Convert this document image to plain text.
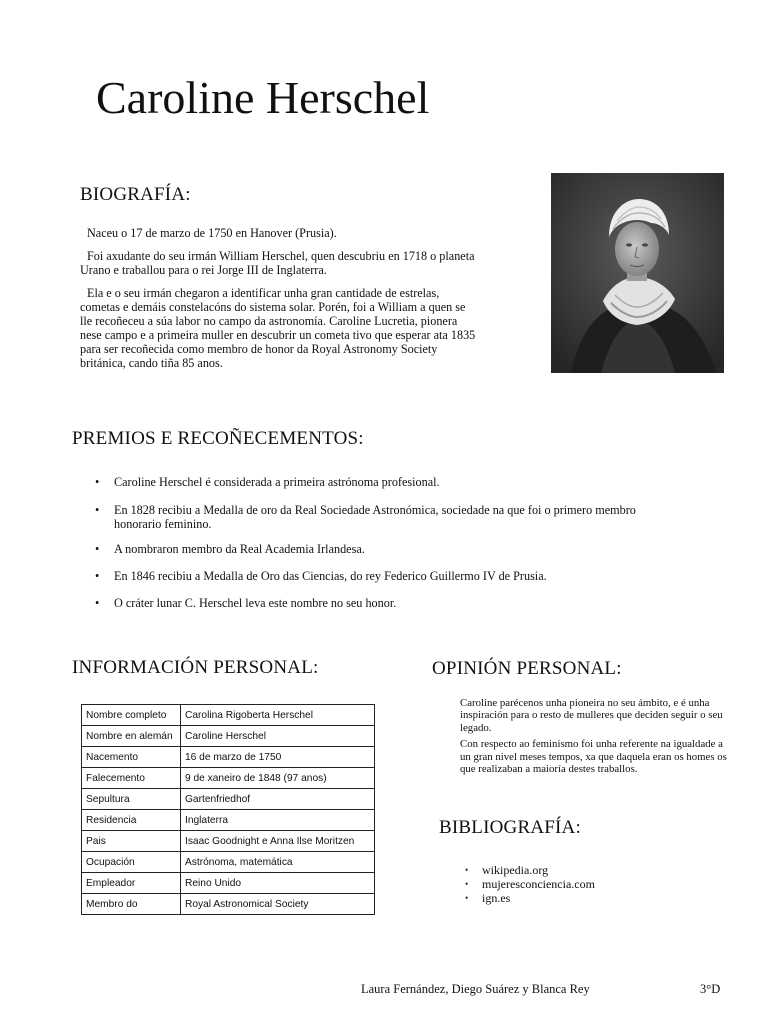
Caroline Herschel
BIOGRAFÍA:

Naceu o 17 de marzo de 1750 en Hanover (Prusia).

Foi axudante do seu irmán William Herschel, quen descubriu en 1718 o planeta Urano e traballou para o rei Jorge III de Inglaterra.

Ela e o seu irmán chegaron a identificar unha gran cantidade de estrelas, cometas e demáis constelacóns do sistema solar. Porén, foi a William a quen se lle recoñeceu a súa labor no campo da astronomía. Caroline Lucretia, pionera nese campo e a primeira muller en descubrir un cometa tivo que esperar ata 1835 para ser recoñecida como membro de honor da Royal Astronomy Society británica, cando tiña 85 anos.

PREMIOS E RECOÑECEMENTOS:
• Caroline Herschel é considerada a primeira astrónoma profesional.
• En 1828 recibiu a Medalla de oro da Real Sociedade Astronómica, sociedade na que foi o primero membro honorario feminino.
• A nombraron membro da Real Academia Irlandesa.
• En 1846 recibiu a Medalla de Oro das Ciencias, do rey Federico Guillermo IV de Prusia.
• O cráter lunar C. Herschel leva este nombre no seu honor.
INFORMACIÓN PERSONAL:
Nombre completo	Carolina Rigoberta Herschel
Nombre en alemán	Caroline Herschel
Nacemento	16 de marzo de 1750
Falecemento	9 de xaneiro de 1848 (97 anos)
Sepultura	Gartenfriedhof
Residencia	Inglaterra
Pais	Isaac Goodnight e Anna Ilse Moritzen
Ocupación	Astrónoma, matemática
Empleador	Reino Unido
Membro do	Royal Astronomical Society
OPINIÓN PERSONAL:

Caroline parécenos unha pioneira no seu ámbito, e é unha inspiración para o resto de mulleres que deciden seguir o seu legado.

Con respecto ao feminismo foi unha referente na igualdade a un gran nivel meses tempos, xa que daquela eran os homes os que realizaban a maioría destes traballos.

BIBLIOGRAFÍA:
• wikipedia.org
• mujeresconciencia.com
• ign.es
Laura Fernández, Diego Suárez y Blanca Rey	3°D
